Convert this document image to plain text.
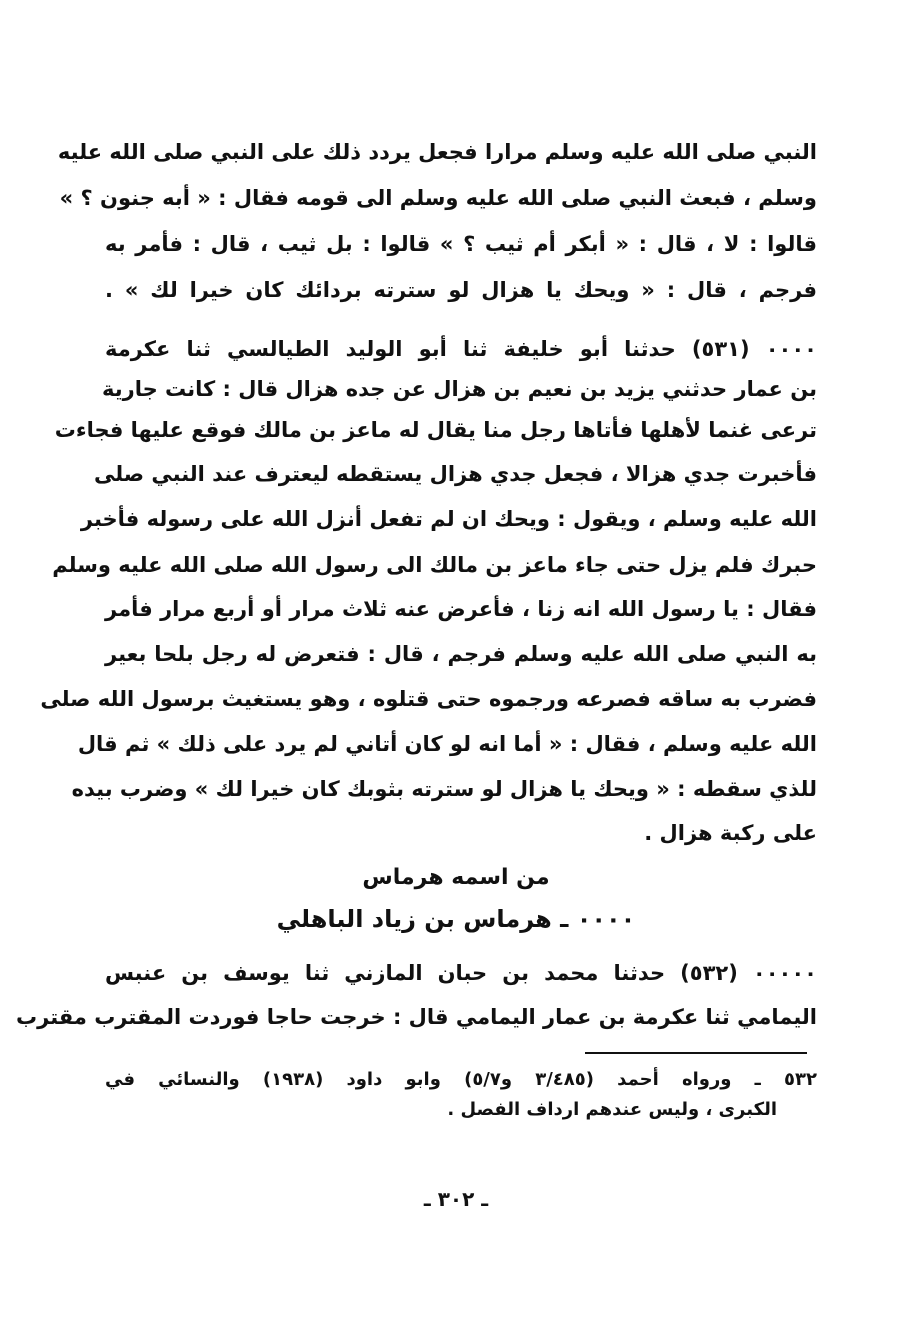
النبي صلى الله عليه وسلم مرارا فجعل يردد ذلك على النبي صلى الله عليه
وسلم ، فبعث النبي صلى الله عليه وسلم الى قومه فقال : « أبه جنون ؟ »
قالوا : لا ، قال : « أبكر أم ثيب ؟ » قالوا : بل ثيب ، قال : فأمر به
فرجم ، قال : « ويحك يا هزال لو سترته بردائك كان خيرا لك » .
٠٠٠٠ (٥٣١) حدثنا أبو خليفة ثنا أبو الوليد الطيالسي ثنا عكرمة
بن عمار حدثني يزيد بن نعيم بن هزال عن جده هزال قال : كانت جارية
ترعى غنما لأهلها فأتاها رجل منا يقال له ماعز بن مالك فوقع عليها فجاءت
فأخبرت جدي هزالا ، فجعل جدي هزال يستقطه ليعترف عند النبي صلى
الله عليه وسلم ، ويقول : ويحك ان لم تفعل أنزل الله على رسوله فأخبر
حبرك فلم يزل حتى جاء ماعز بن مالك الى رسول الله صلى الله عليه وسلم
فقال : يا رسول الله انه زنا ، فأعرض عنه ثلاث مرار أو أربع مرار فأمر
به النبي صلى الله عليه وسلم فرجم ، قال : فتعرض له رجل بلحا بعير
فضرب به ساقه فصرعه ورجموه حتى قتلوه ، وهو يستغيث برسول الله صلى
الله عليه وسلم ، فقال : « أما انه لو كان أتاني لم يرد على ذلك » ثم قال
للذي سقطه : « ويحك يا هزال لو سترته بثوبك كان خيرا لك » وضرب بيده
على ركبة هزال .
من اسمه هرماس
٠٠٠٠ ـ هرماس بن زياد الباهلي
٠٠٠٠٠ (٥٣٢) حدثنا محمد بن حبان المازني ثنا يوسف بن عنبس
اليمامي ثنا عكرمة بن عمار اليمامي قال : خرجت حاجا فوردت المقترب مقترب
٥٣٢ ـ ورواه أحمد (٣/٤٨٥ و٥/٧) وابو داود (١٩٣٨) والنسائي في
الكبرى ، وليس عندهم ارداف الفصل .
ـ ٣٠٢ ـ
